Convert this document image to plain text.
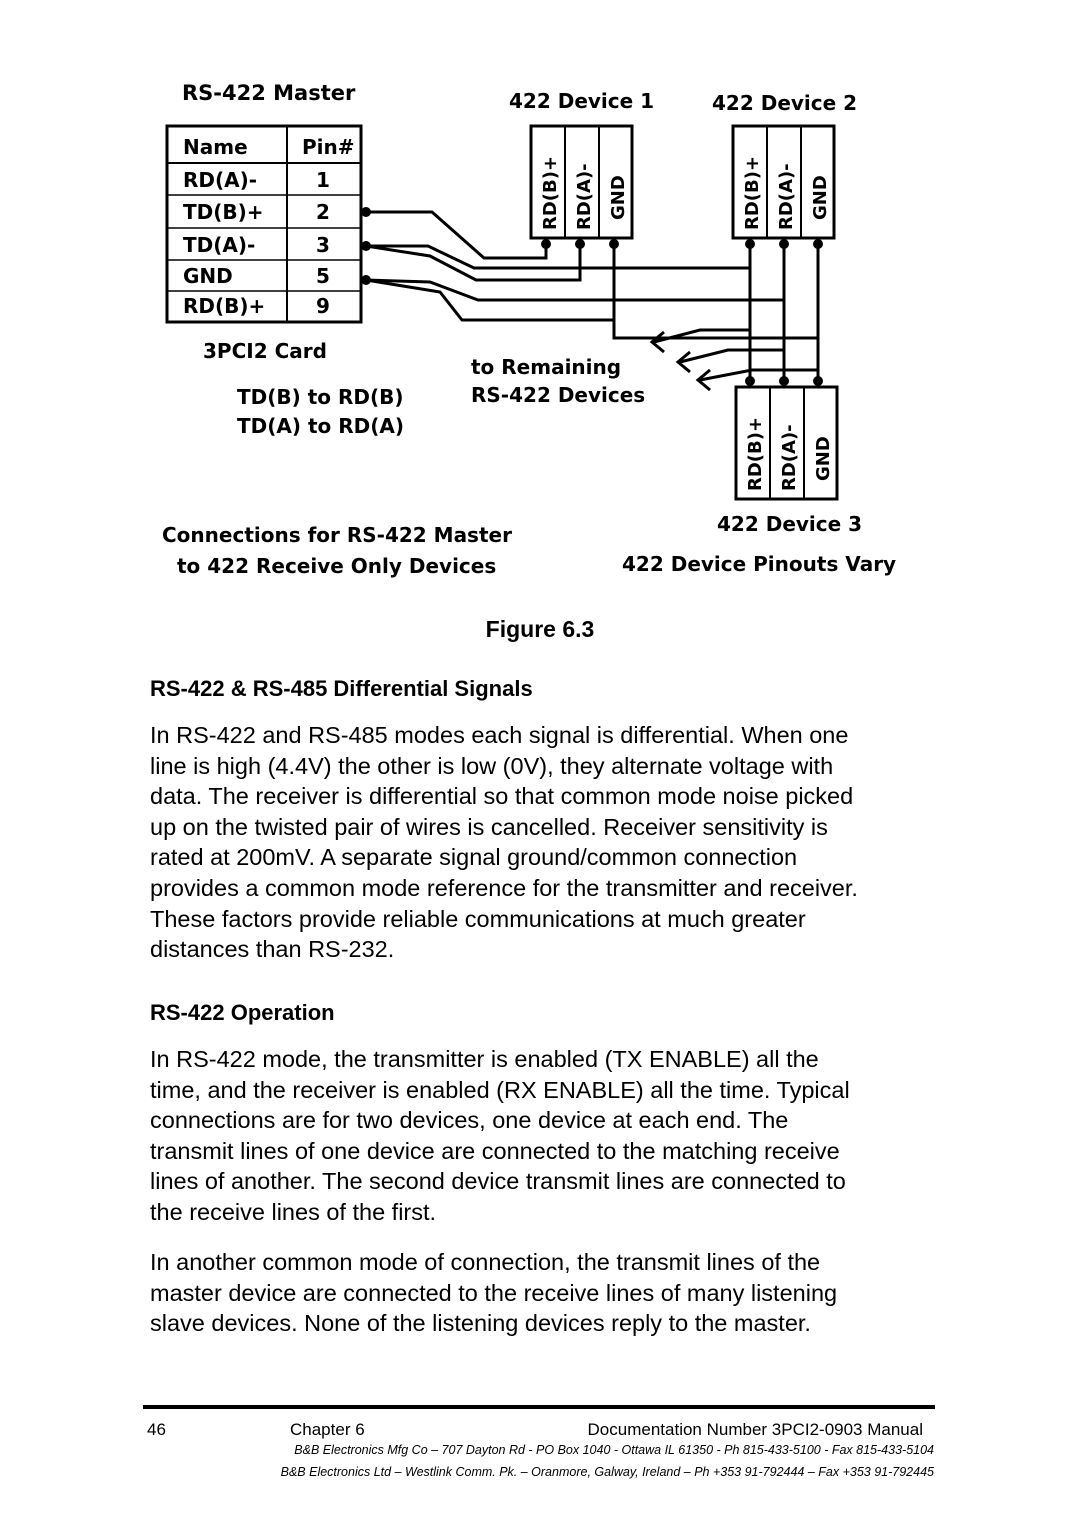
RS-422 Master
Name	Pin#
RD(A)-	1
TD(B)+	2
TD(A)-	3
GND	5
RD(B)+	9
3PCI2 Card
TD(B) to RD(B)
TD(A) to RD(A)
422 Device 1	422 Device 2
422 Device 3
RD(B)+ RD(A)- GND	RD(B)+ RD(A)- GND
RD(B)+ RD(A)- GND
to Remaining
RS-422 Devices
Connections for RS-422 Master
to 422 Receive Only Devices	422 Device Pinouts Vary
Figure 6.3
RS-422 & RS-485 Differential Signals
In RS-422 and RS-485 modes each signal is differential. When one
line is high (4.4V) the other is low (0V), they alternate voltage with
data. The receiver is differential so that common mode noise picked
up on the twisted pair of wires is cancelled. Receiver sensitivity is
rated at 200mV. A separate signal ground/common connection
provides a common mode reference for the transmitter and receiver.
These factors provide reliable communications at much greater
distances than RS-232.
RS-422 Operation
In RS-422 mode, the transmitter is enabled (TX ENABLE) all the
time, and the receiver is enabled (RX ENABLE) all the time. Typical
connections are for two devices, one device at each end. The
transmit lines of one device are connected to the matching receive
lines of another. The second device transmit lines are connected to
the receive lines of the first.
In another common mode of connection, the transmit lines of the
master device are connected to the receive lines of many listening
slave devices. None of the listening devices reply to the master.
46	Chapter 6	Documentation Number 3PCI2-0903 Manual
B&B Electronics Mfg Co – 707 Dayton Rd - PO Box 1040 - Ottawa IL 61350 - Ph 815-433-5100 - Fax 815-433-5104
B&B Electronics Ltd – Westlink Comm. Pk. – Oranmore, Galway, Ireland – Ph +353 91-792444 – Fax +353 91-792445
